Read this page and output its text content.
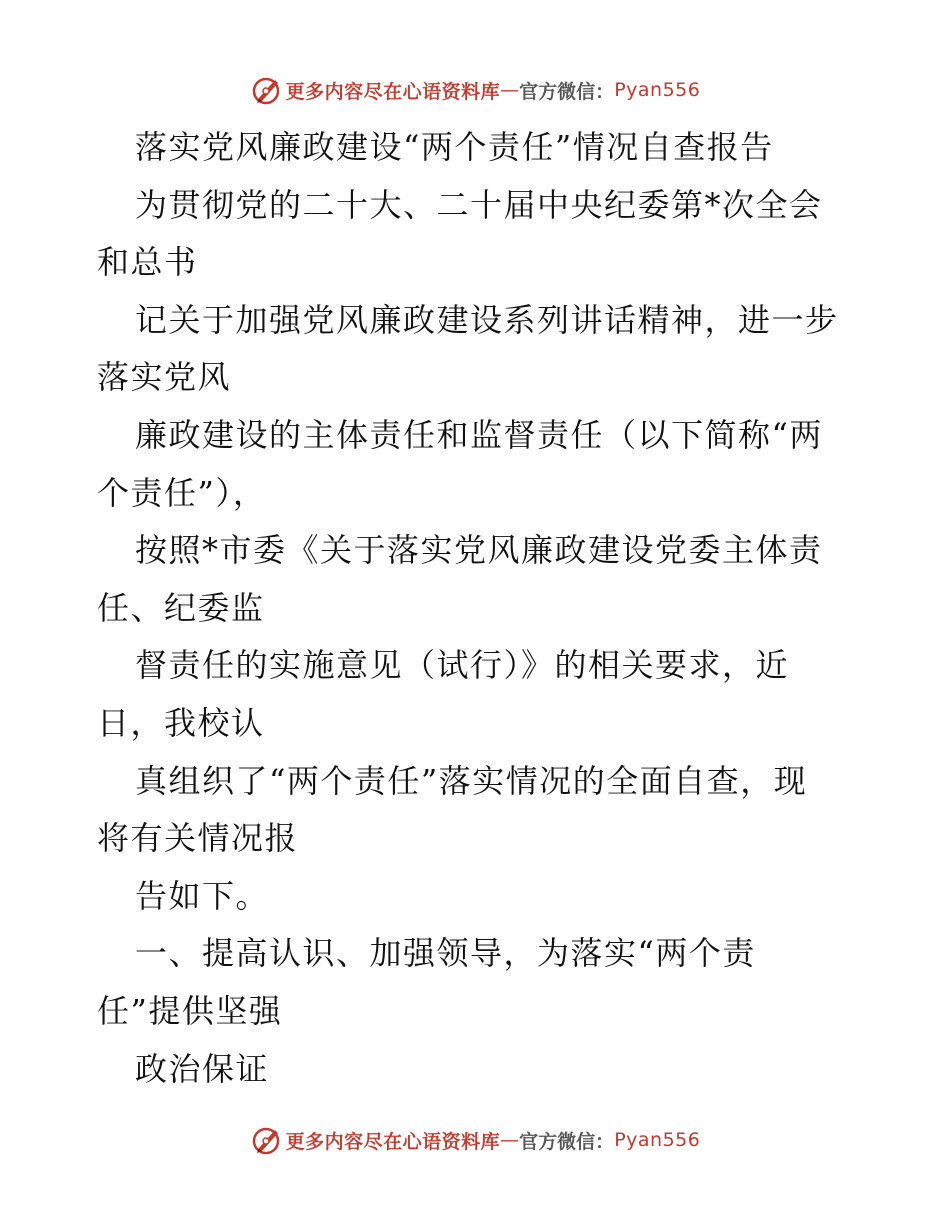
更多内容尽在心语资料库 — 官方微信： Pyan556
落实党风廉政建设“两个责任”情况自查报告
为贯彻党的二十大、二十届中央纪委第*次全会
和总书
记关于加强党风廉政建设系列讲话精神，进一步
落实党风
廉政建设的主体责任和监督责任（以下简称“两
个责任”），
按照*市委《关于落实党风廉政建设党委主体责
任、纪委监
督责任的实施意见（试行）》的相关要求，近
日，我校认
真组织了“两个责任”落实情况的全面自查，现
将有关情况报
告如下。
一、提高认识、加强领导，为落实“两个责
任”提供坚强
政治保证
更多内容尽在心语资料库 — 官方微信： Pyan556
